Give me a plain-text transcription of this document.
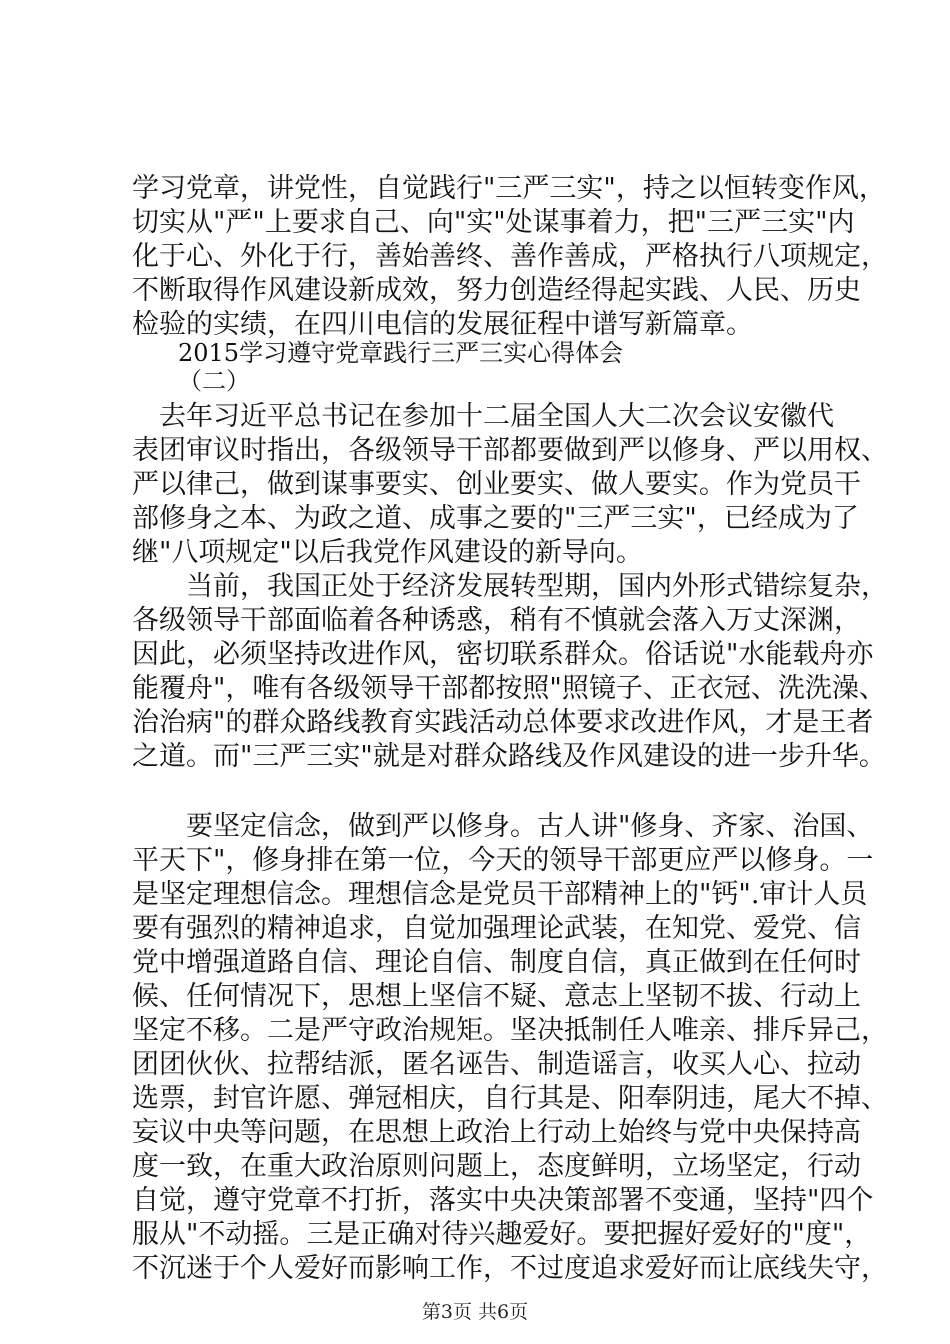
学习党章，讲党性，自觉践行"三严三实"，持之以恒转变作风，
切实从"严"上要求自己、向"实"处谋事着力，把"三严三实"内
化于心、外化于行，善始善终、善作善成，严格执行八项规定，
不断取得作风建设新成效，努力创造经得起实践、人民、历史
检验的实绩，在四川电信的发展征程中谱写新篇章。
2015学习遵守党章践行三严三实心得体会
（二）
　去年习近平总书记在参加十二届全国人大二次会议安徽代
表团审议时指出，各级领导干部都要做到严以修身、严以用权、
严以律己，做到谋事要实、创业要实、做人要实。作为党员干
部修身之本、为政之道、成事之要的"三严三实"，已经成为了
继"八项规定"以后我党作风建设的新导向。
　　当前，我国正处于经济发展转型期，国内外形式错综复杂，
各级领导干部面临着各种诱惑，稍有不慎就会落入万丈深渊，
因此，必须坚持改进作风，密切联系群众。俗话说"水能载舟亦
能覆舟"，唯有各级领导干部都按照"照镜子、正衣冠、洗洗澡、
治治病"的群众路线教育实践活动总体要求改进作风，才是王者
之道。而"三严三实"就是对群众路线及作风建设的进一步升华。
　　要坚定信念，做到严以修身。古人讲"修身、齐家、治国、
平天下"，修身排在第一位，今天的领导干部更应严以修身。一
是坚定理想信念。理想信念是党员干部精神上的"钙".审计人员
要有强烈的精神追求，自觉加强理论武装，在知党、爱党、信
党中增强道路自信、理论自信、制度自信，真正做到在任何时
候、任何情况下，思想上坚信不疑、意志上坚韧不拔、行动上
坚定不移。二是严守政治规矩。坚决抵制任人唯亲、排斥异己，
团团伙伙、拉帮结派，匿名诬告、制造谣言，收买人心、拉动
选票，封官许愿、弹冠相庆，自行其是、阳奉阴违，尾大不掉、
妄议中央等问题，在思想上政治上行动上始终与党中央保持高
度一致，在重大政治原则问题上，态度鲜明，立场坚定，行动
自觉，遵守党章不打折，落实中央决策部署不变通，坚持"四个
服从"不动摇。三是正确对待兴趣爱好。要把握好爱好的"度"，
不沉迷于个人爱好而影响工作，不过度追求爱好而让底线失守，
第3页 共6页
